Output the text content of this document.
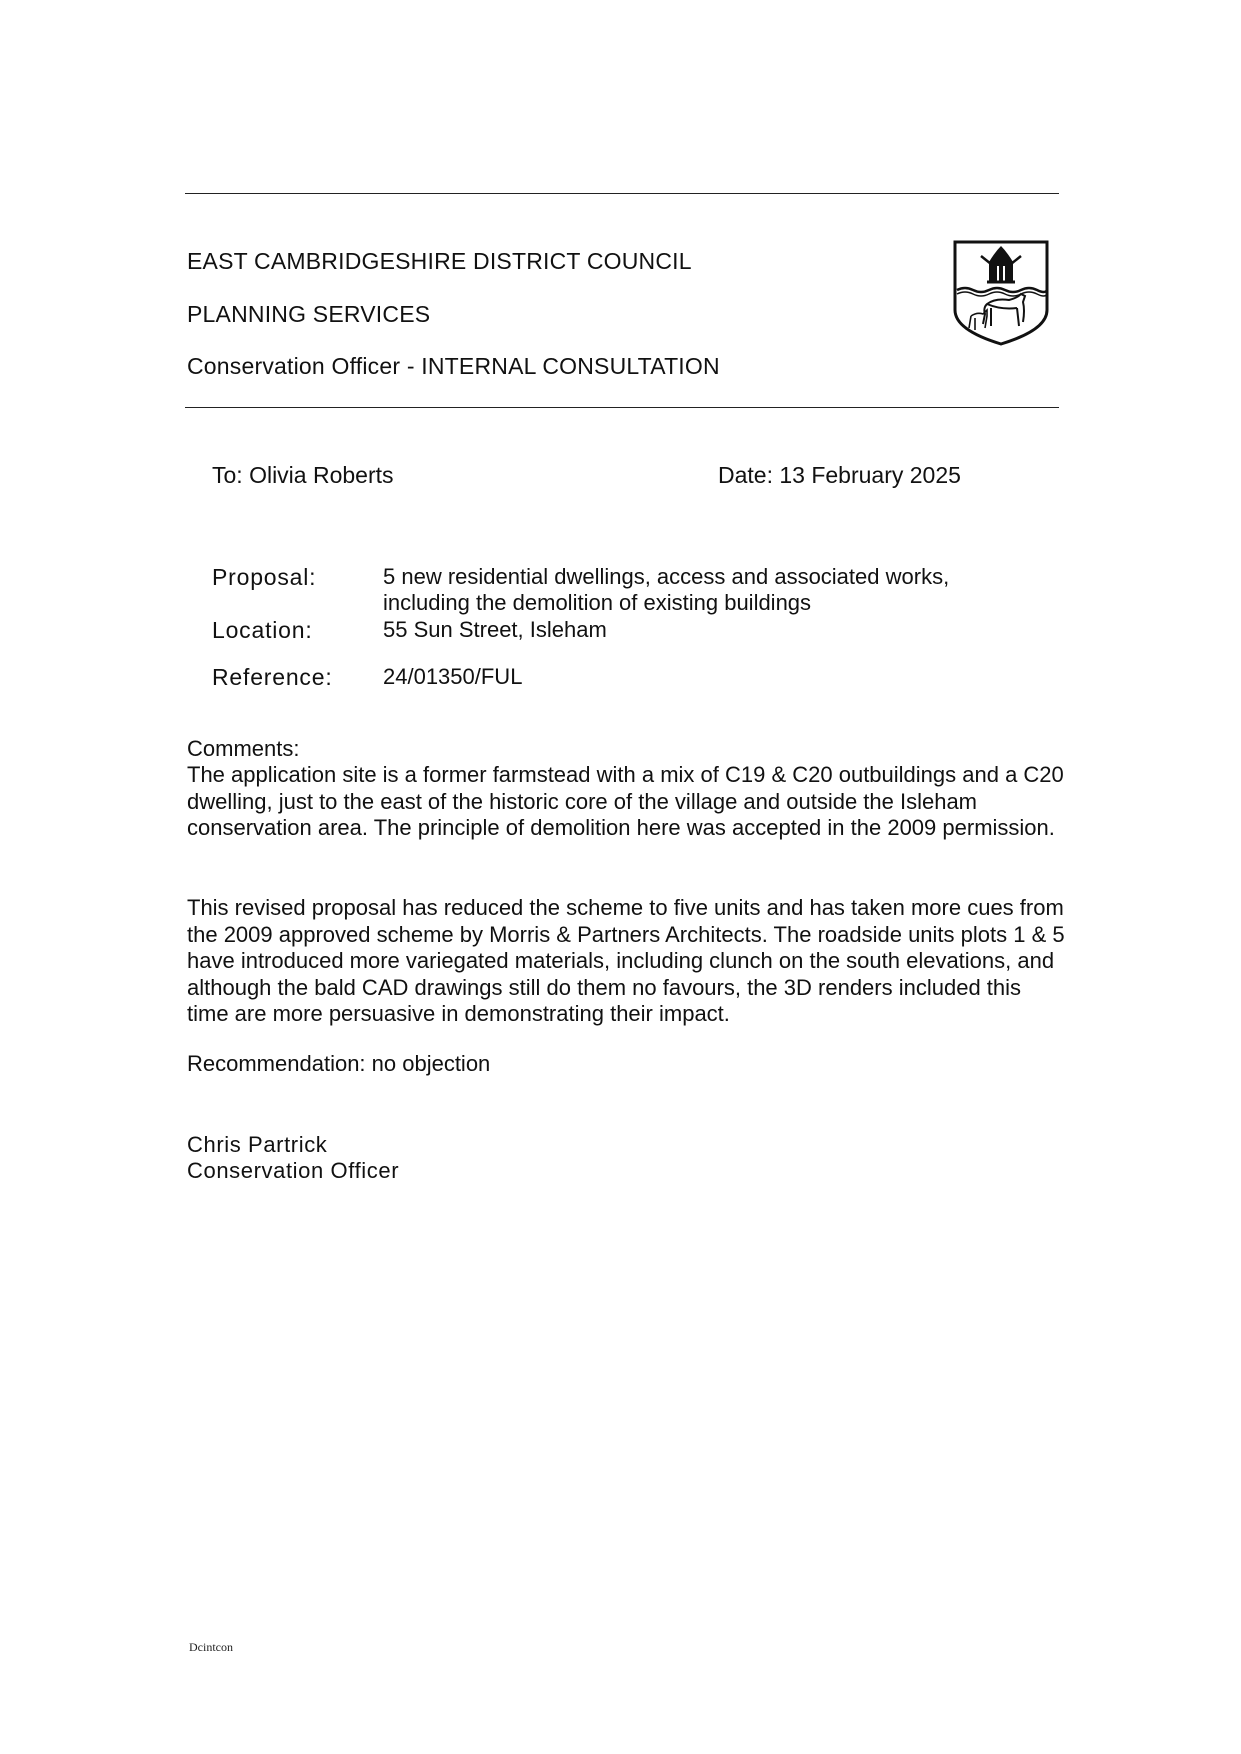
EAST CAMBRIDGESHIRE DISTRICT COUNCIL
PLANNING SERVICES
Conservation Officer - INTERNAL CONSULTATION
To: Olivia Roberts	Date: 13 February 2025
Proposal:	5 new residential dwellings, access and associated works, including the demolition of existing buildings
Location:	55 Sun Street, Isleham
Reference: 24/01350/FUL
Comments:
The application site is a former farmstead with a mix of C19 & C20 outbuildings and a C20 dwelling, just to the east of the historic core of the village and outside the Isleham conservation area. The principle of demolition here was accepted in the 2009 permission.
This revised proposal has reduced the scheme to five units and has taken more cues from the 2009 approved scheme by Morris & Partners Architects. The roadside units plots 1 & 5 have introduced more variegated materials, including clunch on the south elevations, and although the bald CAD drawings still do them no favours, the 3D renders included this time are more persuasive in demonstrating their impact.
Recommendation: no objection
Chris Partrick
Conservation Officer
Dcintcon
